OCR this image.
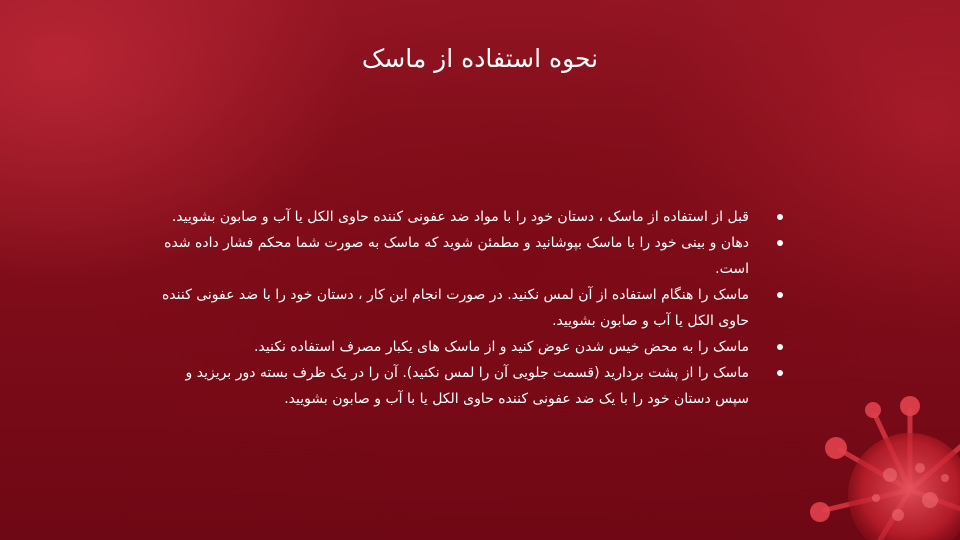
نحوه استفاده از ماسک
قبل از استفاده از ماسک ، دستان خود را با مواد ضد عفونی کننده حاوی الکل یا آب و صابون بشویید.
دهان و بینی خود را با ماسک بپوشانید و مطمئن شوید که ماسک به صورت شما محکم فشار داده شده است.
ماسک را هنگام استفاده از آن لمس نکنید. در صورت انجام این کار ، دستان خود را با ضد عفونی کننده حاوی الکل یا آب و صابون بشویید.
ماسک را به محض خیس شدن عوض کنید و از ماسک های یکبار مصرف استفاده نکنید.
ماسک را از پشت بردارید (قسمت جلویی آن را لمس نکنید). آن را در یک ظرف بسته دور بریزید و سپس دستان خود را با یک ضد عفونی کننده حاوی الکل یا با آب و صابون بشویید.
